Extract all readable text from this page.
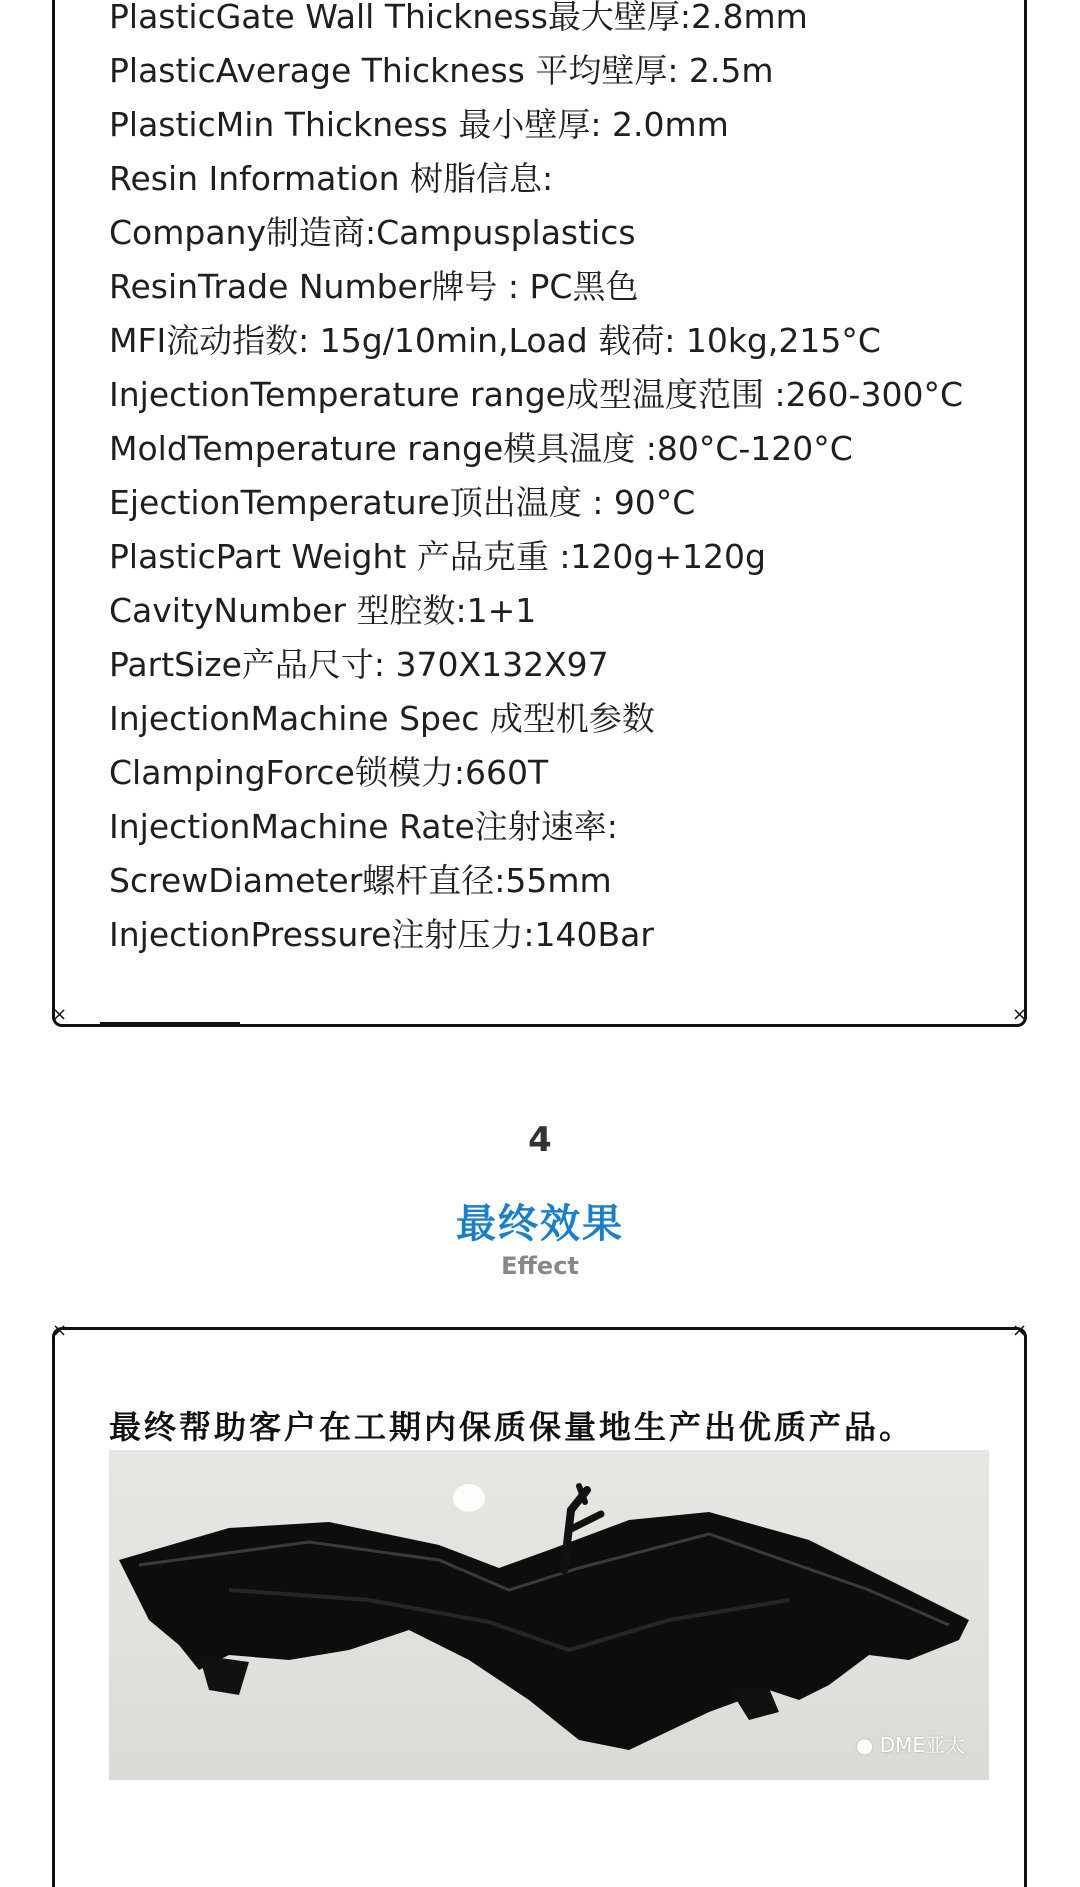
×	×
PlasticGate Wall Thickness最大壁厚:2.8mm
PlasticAverage Thickness 平均壁厚: 2.5m
PlasticMin Thickness 最小壁厚: 2.0mm
Resin Information 树脂信息:
Company制造商:Campusplastics
ResinTrade Number牌号 : PC黑色
MFI流动指数: 15g/10min,Load 载荷: 10kg,215°C
InjectionTemperature range成型温度范围 :260-300°C
MoldTemperature range模具温度 :80°C-120°C
EjectionTemperature顶出温度 : 90°C
PlasticPart Weight 产品克重 :120g+120g
CavityNumber 型腔数:1+1
PartSize产品尺寸: 370X132X97
InjectionMachine Spec 成型机参数
ClampingForce锁模力:660T
InjectionMachine Rate注射速率:
ScrewDiameter螺杆直径:55mm
InjectionPressure注射压力:140Bar
4
最终效果
Effect
×	×
最终帮助客户在工期内保质保量地生产出优质产品。
● DME亚太
